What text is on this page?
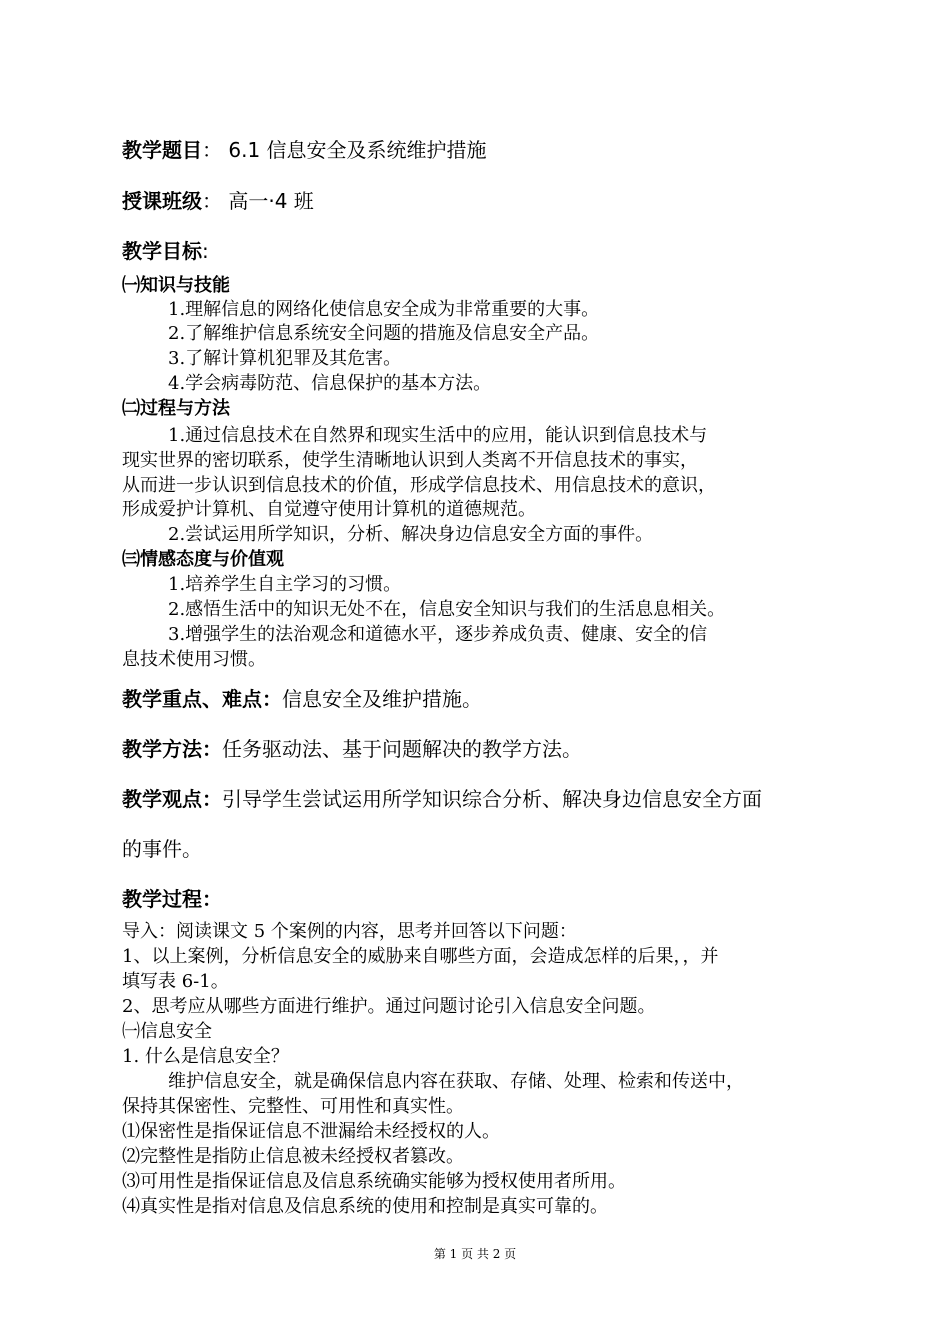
教学题目： 6.1 信息安全及系统维护措施
授课班级： 高一·4 班
教学目标:
㈠知识与技能
1.理解信息的网络化使信息安全成为非常重要的大事。
2.了解维护信息系统安全问题的措施及信息安全产品。
3.了解计算机犯罪及其危害。
4.学会病毒防范、信息保护的基本方法。
㈡过程与方法
1.通过信息技术在自然界和现实生活中的应用，能认识到信息技术与
现实世界的密切联系，使学生清晰地认识到人类离不开信息技术的事实，
从而进一步认识到信息技术的价值，形成学信息技术、用信息技术的意识，
形成爱护计算机、自觉遵守使用计算机的道德规范。
2.尝试运用所学知识，分析、解决身边信息安全方面的事件。
㈢情感态度与价值观
1.培养学生自主学习的习惯。
2.感悟生活中的知识无处不在，信息安全知识与我们的生活息息相关。
3.增强学生的法治观念和道德水平，逐步养成负责、健康、安全的信
息技术使用习惯。
教学重点、难点：信息安全及维护措施。
教学方法：任务驱动法、基于问题解决的教学方法。
教学观点：引导学生尝试运用所学知识综合分析、解决身边信息安全方面
的事件。
教学过程：
导入：阅读课文 5 个案例的内容，思考并回答以下问题：
1、以上案例，分析信息安全的威胁来自哪些方面，会造成怎样的后果，，并
填写表 6-1。
2、思考应从哪些方面进行维护。通过问题讨论引入信息安全问题。
㈠信息安全
1. 什么是信息安全？
维护信息安全，就是确保信息内容在获取、存储、处理、检索和传送中，
保持其保密性、完整性、可用性和真实性。
⑴保密性是指保证信息不泄漏给未经授权的人。
⑵完整性是指防止信息被未经授权者篡改。
⑶可用性是指保证信息及信息系统确实能够为授权使用者所用。
⑷真实性是指对信息及信息系统的使用和控制是真实可靠的。
第 1 页 共 2 页
